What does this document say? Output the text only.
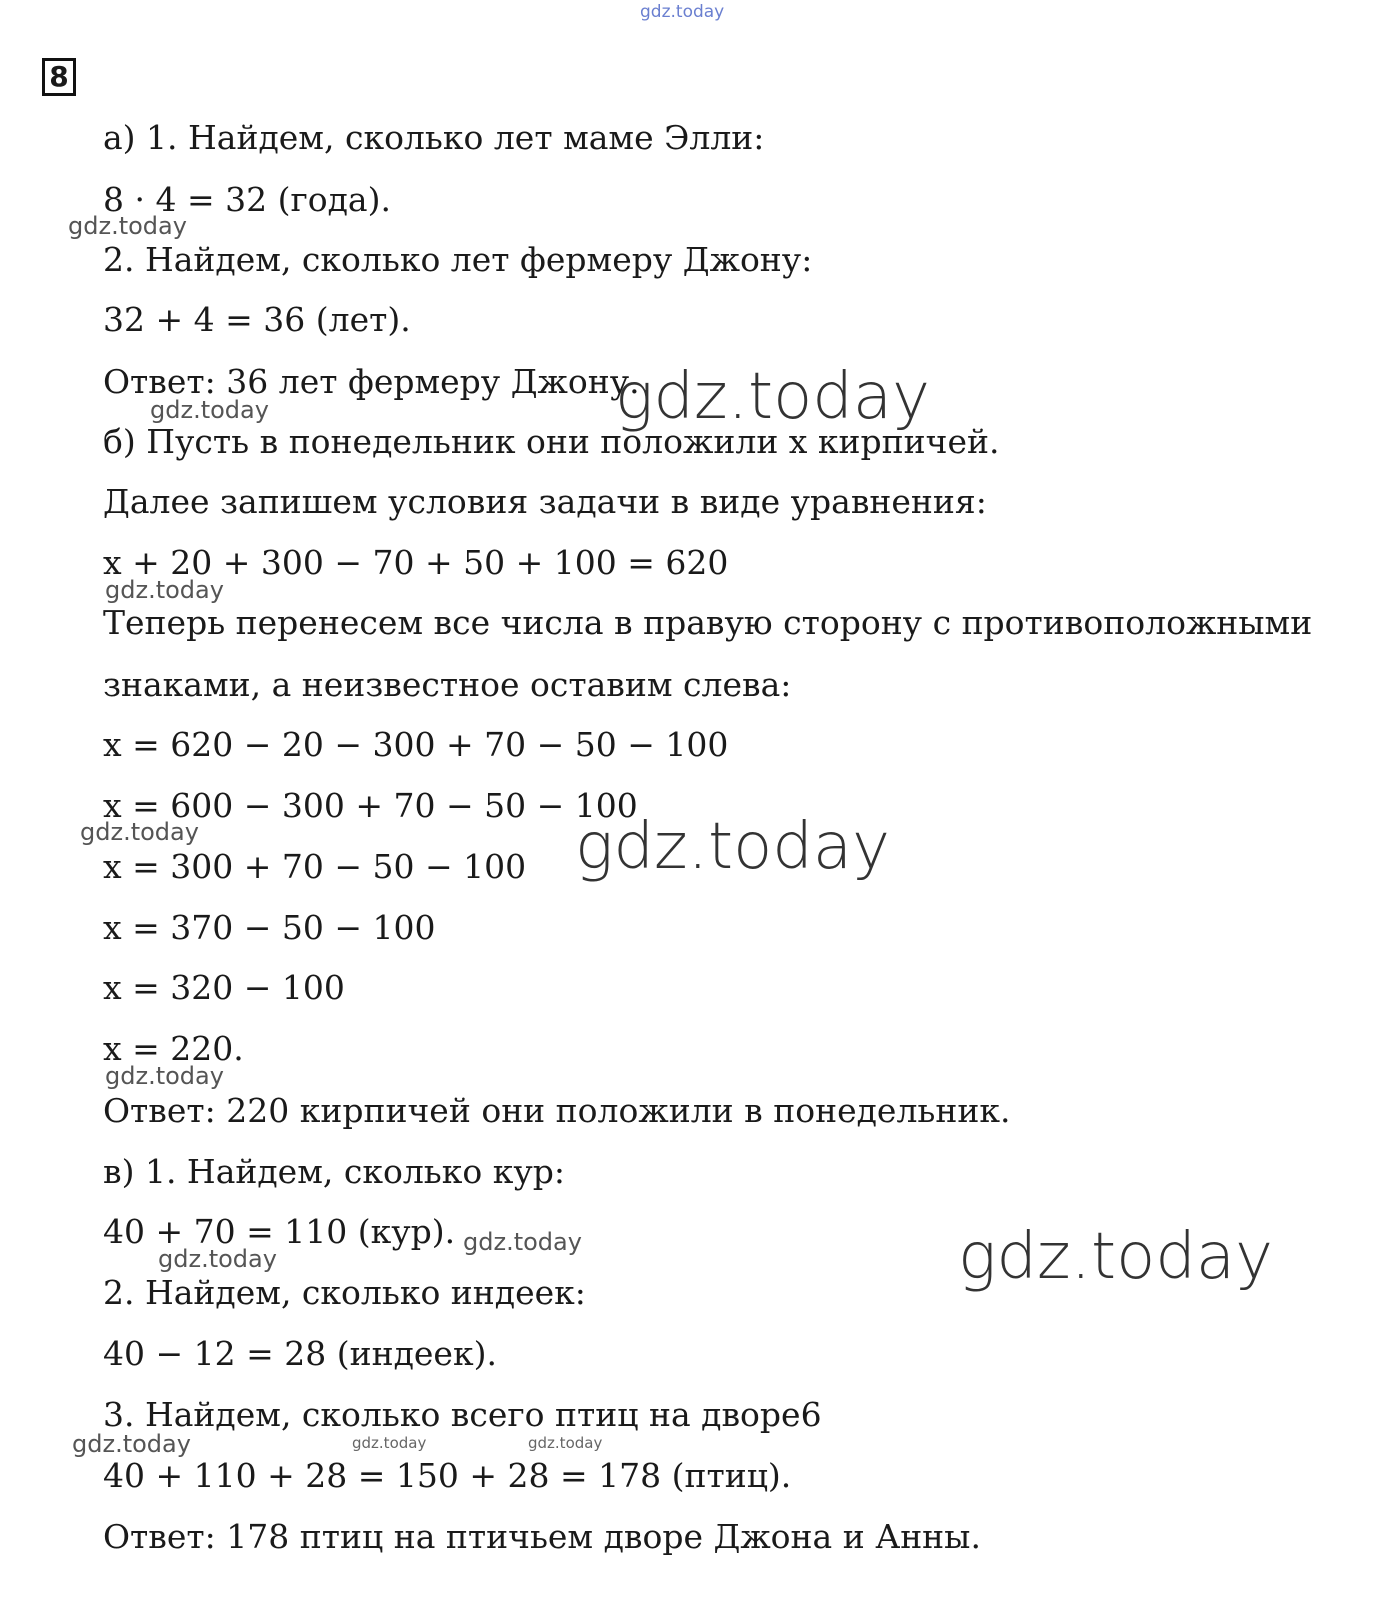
8
gdz.today
а) 1. Найдем, сколько лет маме Элли:
8 · 4 = 32 (года).
gdz.today
2. Найдем, сколько лет фермеру Джону:
32 + 4 = 36 (лет).
Ответ: 36 лет фермеру Джону.
gdz.today	gdz.today
б) Пусть в понедельник они положили x кирпичей.
Далее запишем условия задачи в виде уравнения:
x + 20 + 300 − 70 + 50 + 100 = 620
gdz.today
Теперь перенесем все числа в правую сторону с противоположными
знаками, а неизвестное оставим слева:
x = 620 − 20 − 300 + 70 − 50 − 100
x = 600 − 300 + 70 − 50 − 100
gdz.today	gdz.today
x = 300 + 70 − 50 − 100
x = 370 − 50 − 100
x = 320 − 100
x = 220.
gdz.today
Ответ: 220 кирпичей они положили в понедельник.
в) 1. Найдем, сколько кур:
40 + 70 = 110 (кур).
gdz.today
gdz.today	gdz.today
2. Найдем, сколько индеек:
40 − 12 = 28 (индеек).
3. Найдем, сколько всего птиц на дворе6
gdz.today	gdz.today	gdz.today
40 + 110 + 28 = 150 + 28 = 178 (птиц).
Ответ: 178 птиц на птичьем дворе Джона и Анны.
